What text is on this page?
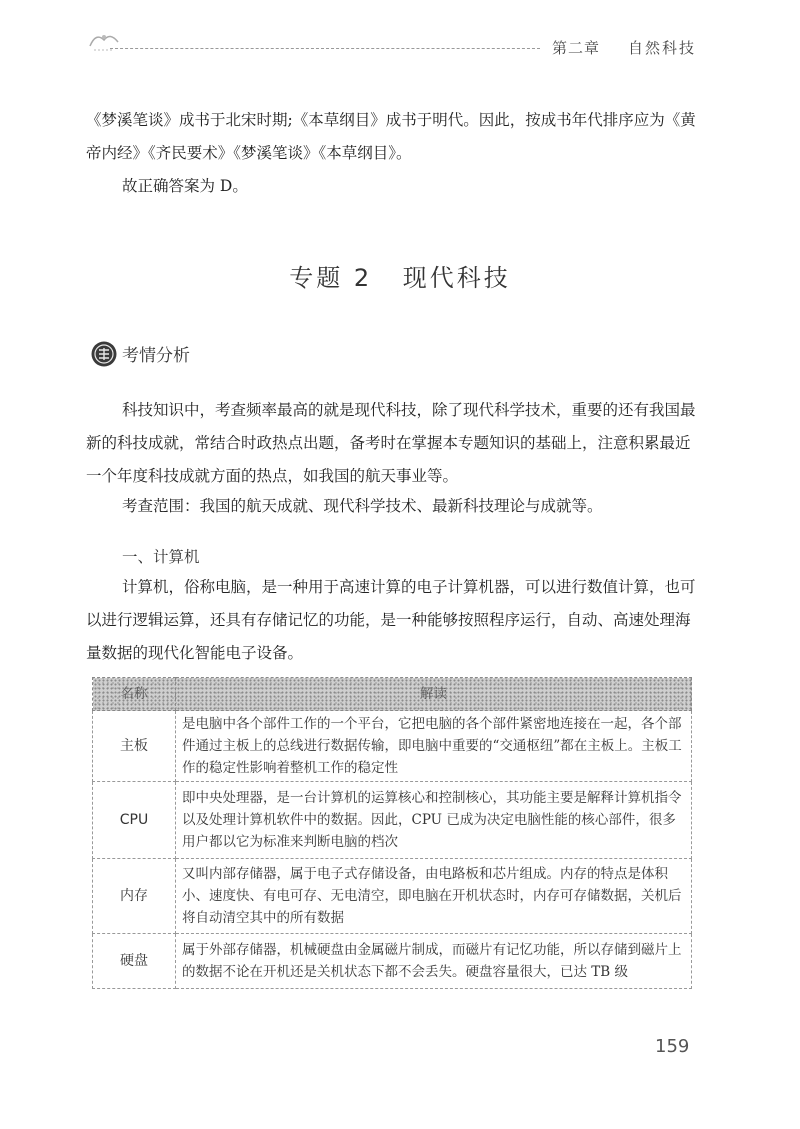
第二章 自然科技

《梦溪笔谈》成书于北宋时期;《本草纲目》成书于明代。因此，按成书年代排序应为《黄帝内经》《齐民要术》《梦溪笔谈》《本草纲目》。

故正确答案为 D。

专题 2 现代科技
考情分析

科技知识中，考查频率最高的就是现代科技，除了现代科学技术，重要的还有我国最新的科技成就，常结合时政热点出题，备考时在掌握本专题知识的基础上，注意积累最近一个年度科技成就方面的热点，如我国的航天事业等。

考查范围：我国的航天成就、现代科学技术、最新科技理论与成就等。

一、计算机

计算机，俗称电脑，是一种用于高速计算的电子计算机器，可以进行数值计算，也可以进行逻辑运算，还具有存储记忆的功能，是一种能够按照程序运行，自动、高速处理海量数据的现代化智能电子设备。

名称	解读
主板	是电脑中各个部件工作的一个平台，它把电脑的各个部件紧密地连接在一起，各个部件通过主板上的总线进行数据传输，即电脑中重要的“交通枢纽”都在主板上。主板工作的稳定性影响着整机工作的稳定性
CPU	即中央处理器，是一台计算机的运算核心和控制核心，其功能主要是解释计算机指令以及处理计算机软件中的数据。因此，CPU 已成为决定电脑性能的核心部件，很多用户都以它为标准来判断电脑的档次
内存	又叫内部存储器，属于电子式存储设备，由电路板和芯片组成。内存的特点是体积小、速度快、有电可存、无电清空，即电脑在开机状态时，内存可存储数据，关机后将自动清空其中的所有数据
硬盘	属于外部存储器，机械硬盘由金属磁片制成，而磁片有记忆功能，所以存储到磁片上的数据不论在开机还是关机状态下都不会丢失。硬盘容量很大，已达 TB 级
159
